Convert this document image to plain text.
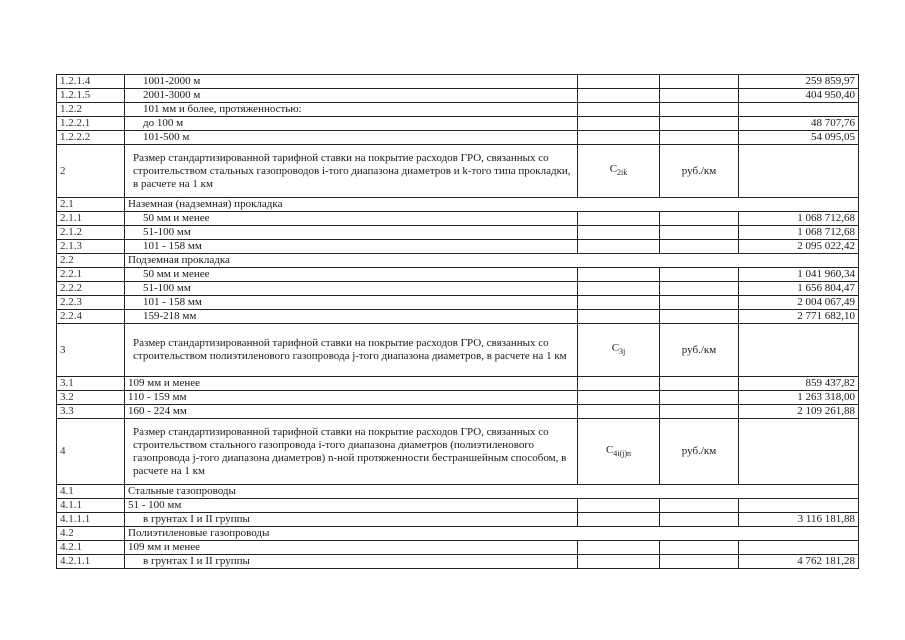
1.2.1.4	1001-2000 м			259 859,97
1.2.1.5	2001-3000 м			404 950,40
1.2.2	101 мм и более, протяженностью:			
1.2.2.1	до 100 м			48 707,76
1.2.2.2	101-500 м			54 095,05
2	Размер стандартизированной тарифной ставки на покрытие расходов ГРО, связанных со строительством стальных газопроводов i-того диапазона диаметров и k-того типа прокладки, в расчете на 1 км	$C_{2ik}$	руб./км	
2.1	Наземная (надземная) прокладка			
2.1.1	50 мм и менее			1 068 712,68
2.1.2	51-100 мм			1 068 712,68
2.1.3	101 - 158 мм			2 095 022,42
2.2	Подземная прокладка			
2.2.1	50 мм и менее			1 041 960,34
2.2.2	51-100 мм			1 656 804,47
2.2.3	101 - 158 мм			2 004 067,49
2.2.4	159-218 мм			2 771 682,10
3	Размер стандартизированной тарифной ставки на покрытие расходов ГРО, связанных со строительством полиэтиленового газопровода j-того диапазона диаметров, в расчете на 1 км	$C_{3j}$	руб./км	
3.1	109 мм и менее			859 437,82
3.2	110 - 159 мм			1 263 318,00
3.3	160 - 224 мм			2 109 261,88
4	Размер стандартизированной тарифной ставки на покрытие расходов ГРО, связанных со строительством стального газопровода i-того диапазона диаметров (полиэтиленового газопровода j-того диапазона диаметров) n-ной протяженности бестраншейным способом, в расчете на 1 км	$C_{4i(j)n}$	руб./км	
4.1	Стальные газопроводы			
4.1.1	51 - 100 мм			
4.1.1.1	в грунтах I и II группы			3 116 181,88
4.2	Полиэтиленовые газопроводы			
4.2.1	109 мм и менее			
4.2.1.1	в грунтах I и II группы			4 762 181,28
